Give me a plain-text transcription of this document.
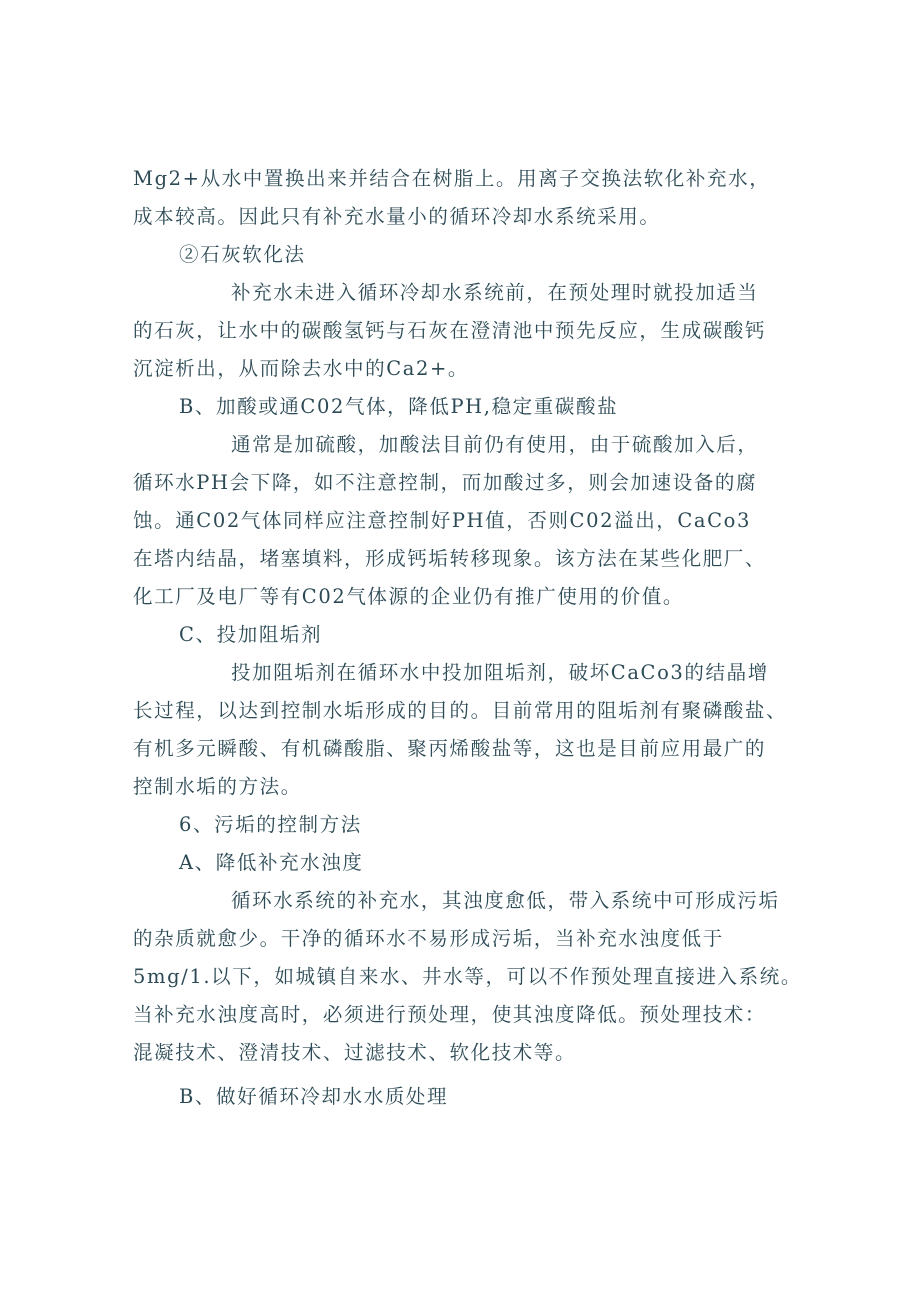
Mg2+从水中置换出来并结合在树脂上。用离子交换法软化补充水，
成本较高。因此只有补充水量小的循环冷却水系统采用。
②石灰软化法
补充水未进入循环冷却水系统前，在预处理时就投加适当
的石灰，让水中的碳酸氢钙与石灰在澄清池中预先反应，生成碳酸钙
沉淀析出，从而除去水中的Ca2+。
B、加酸或通C02气体，降低PH,稳定重碳酸盐
通常是加硫酸，加酸法目前仍有使用，由于硫酸加入后，
循环水PH会下降，如不注意控制，而加酸过多，则会加速设备的腐
蚀。通C02气体同样应注意控制好PH值，否则C02溢出，CaCo3
在塔内结晶，堵塞填料，形成钙垢转移现象。该方法在某些化肥厂、
化工厂及电厂等有C02气体源的企业仍有推广使用的价值。
C、投加阻垢剂
投加阻垢剂在循环水中投加阻垢剂，破坏CaCo3的结晶增
长过程，以达到控制水垢形成的目的。目前常用的阻垢剂有聚磷酸盐、
有机多元瞬酸、有机磷酸脂、聚丙烯酸盐等，这也是目前应用最广的
控制水垢的方法。
6、污垢的控制方法
A、降低补充水浊度
循环水系统的补充水，其浊度愈低，带入系统中可形成污垢
的杂质就愈少。干净的循环水不易形成污垢，当补充水浊度低于
5mg∕1.以下，如城镇自来水、井水等，可以不作预处理直接进入系统。
当补充水浊度高时，必须进行预处理，使其浊度降低。预处理技术：
混凝技术、澄清技术、过滤技术、软化技术等。
B、做好循环冷却水水质处理
